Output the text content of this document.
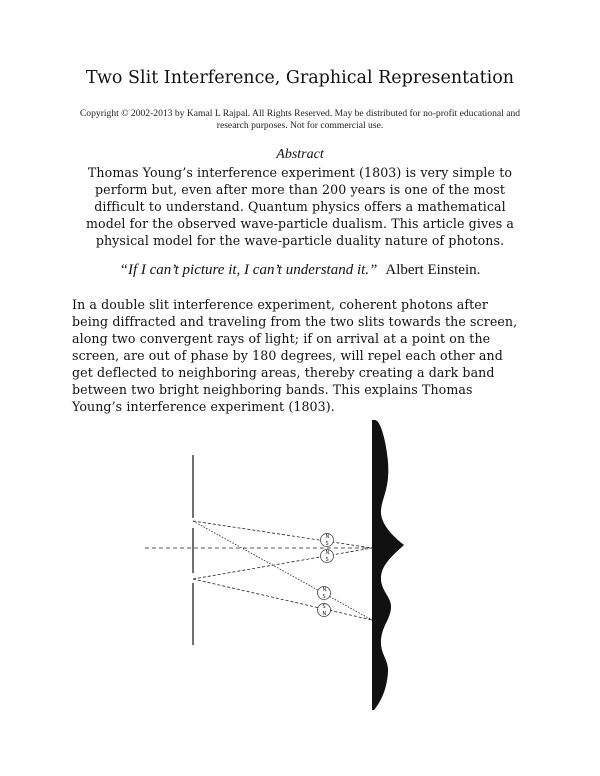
Two Slit Interference, Graphical Representation
Copyright © 2002-2013 by Kamal L Rajpal. All Rights Reserved. May be distributed for no-profit educational and research purposes. Not for commercial use.
Abstract
Thomas Young’s interference experiment (1803) is very simple to
perform but, even after more than 200 years is one of the most
difficult to understand. Quantum physics offers a mathematical
model for the observed wave-particle dualism. This article gives a
physical model for the wave-particle duality nature of photons.
“If I can’t picture it, I can’t understand it.” Albert Einstein.
In a double slit interference experiment, coherent photons after
being diffracted and traveling from the two slits towards the screen,
along two convergent rays of light; if on arrival at a point on the
screen, are out of phase by 180 degrees, will repel each other and
get deflected to neighboring areas, thereby creating a dark band
between two bright neighboring bands. This explains Thomas
Young’s interference experiment (1803).
N
S
N
S
N
S
S
N
